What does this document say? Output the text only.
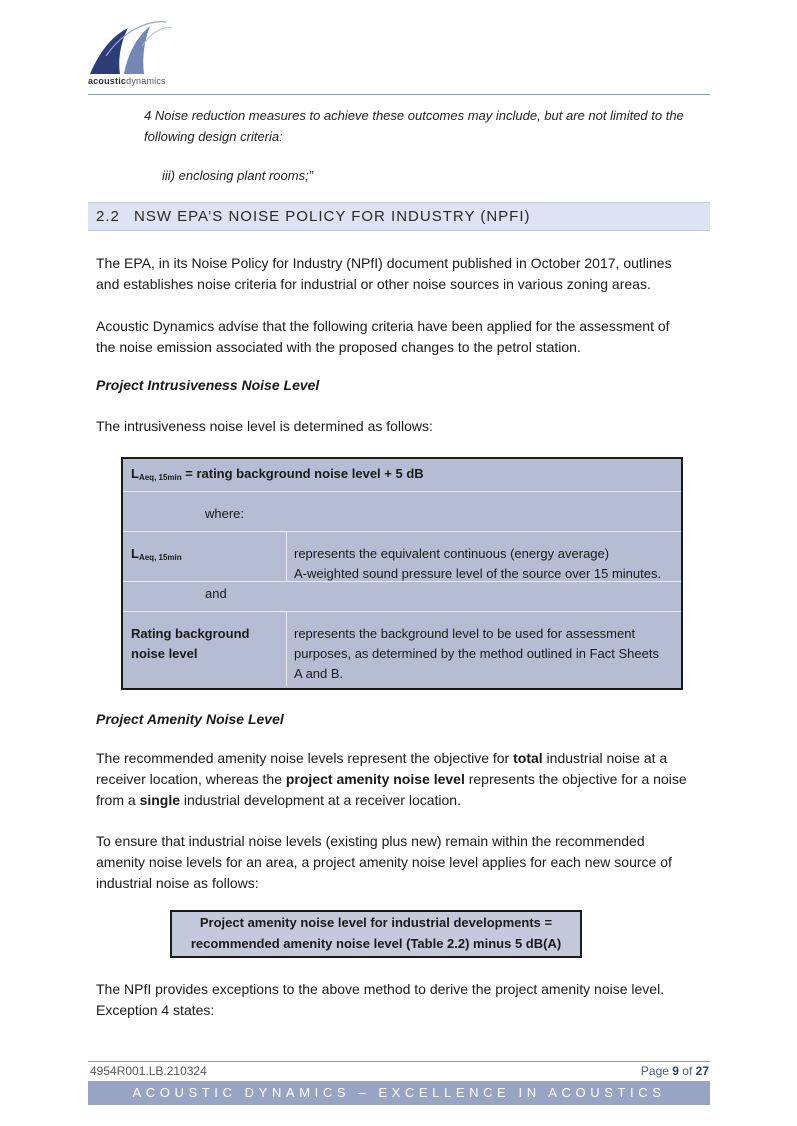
acousticdynamics
4 Noise reduction measures to achieve these outcomes may include, but are not limited to the
following design criteria:
iii) enclosing plant rooms;”
2.2 NSW EPA’S NOISE POLICY FOR INDUSTRY (NPFI)
The EPA, in its Noise Policy for Industry (NPfI) document published in October 2017, outlines
and establishes noise criteria for industrial or other noise sources in various zoning areas.
Acoustic Dynamics advise that the following criteria have been applied for the assessment of
the noise emission associated with the proposed changes to the petrol station.
Project Intrusiveness Noise Level
The intrusiveness noise level is determined as follows:
$L_{Aeq, 15min}$ = rating background noise level + 5 dB
where:
$L_{Aeq, 15min}$	represents the equivalent continuous (energy average)
A-weighted sound pressure level of the source over 15 minutes.
and
Rating background
noise level
represents the background level to be used for assessment
purposes, as determined by the method outlined in Fact Sheets
A and B.
Project Amenity Noise Level
The recommended amenity noise levels represent the objective for total industrial noise at a
receiver location, whereas the project amenity noise level represents the objective for a noise
from a single industrial development at a receiver location.
To ensure that industrial noise levels (existing plus new) remain within the recommended
amenity noise levels for an area, a project amenity noise level applies for each new source of
industrial noise as follows:
Project amenity noise level for industrial developments =
recommended amenity noise level (Table 2.2) minus 5 dB(A)
The NPfI provides exceptions to the above method to derive the project amenity noise level.
Exception 4 states:
4954R001.LB.210324	Page 9 of 27
ACOUSTIC DYNAMICS – EXCELLENCE IN ACOUSTICS
